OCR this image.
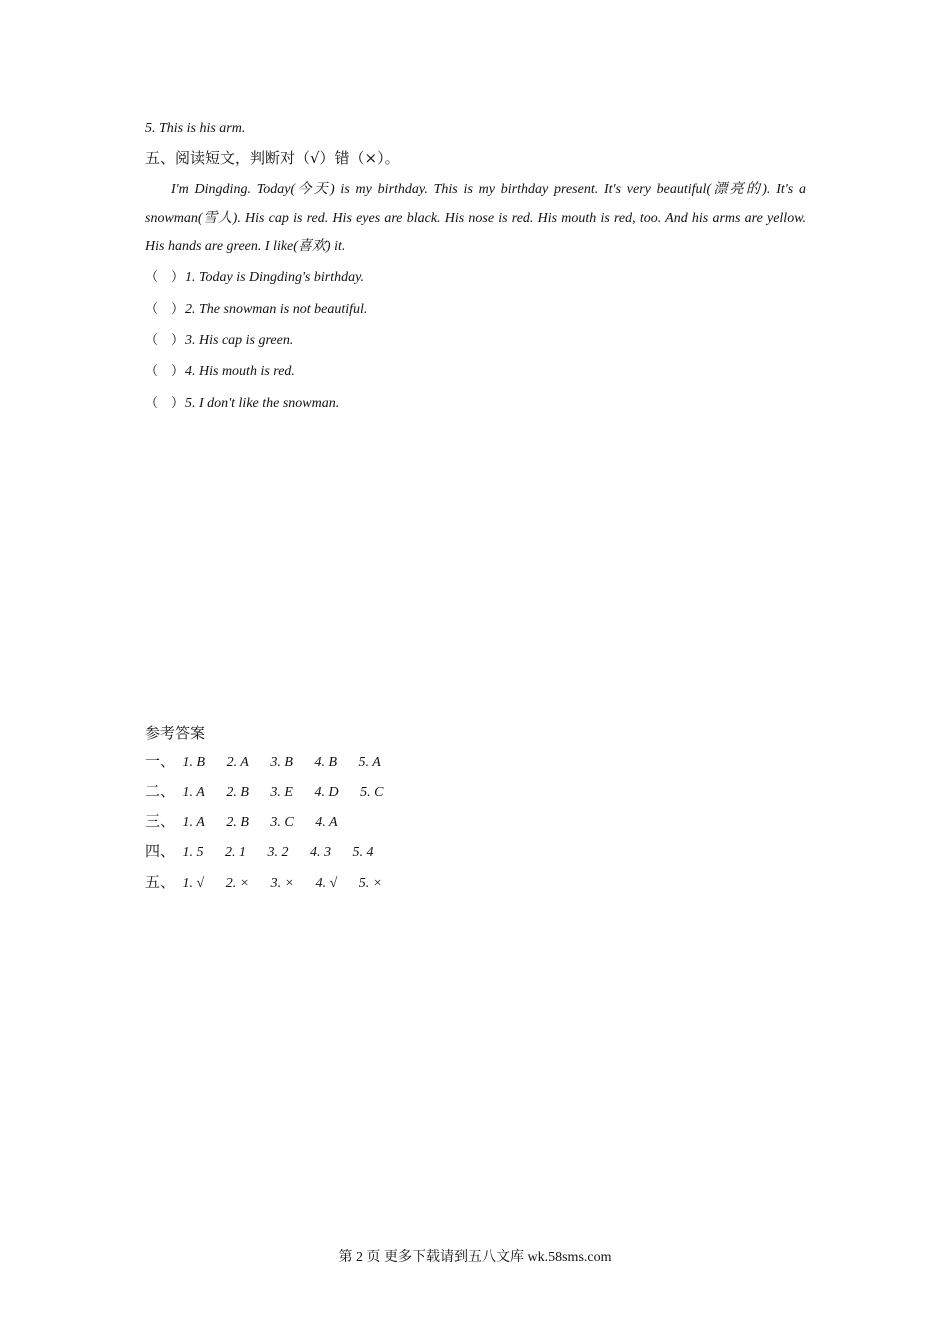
5. This is his arm.
五、阅读短文，判断对（√）错（×）。
I'm Dingding. Today(今天) is my birthday. This is my birthday present. It's very beautiful(漂亮的). It's a snowman(雪人). His cap is red. His eyes are black. His nose is red. His mouth is red, too. And his arms are yellow. His hands are green. I like(喜欢) it.
（　）1. Today is Dingding's birthday.
（　）2. The snowman is not beautiful.
（　）3. His cap is green.
（　）4. His mouth is red.
（　）5. I don't like the snowman.
参考答案
一、 1. B 2. A 3. B 4. B 5. A
二、 1. A 2. B 3. E 4. D 5. C
三、 1. A 2. B 3. C 4. A
四、 1. 5 2. 1 3. 2 4. 3 5. 4
五、 1. √ 2. × 3. × 4. √ 5. ×
第 2 页 更多下载请到五八文库 wk.58sms.com
